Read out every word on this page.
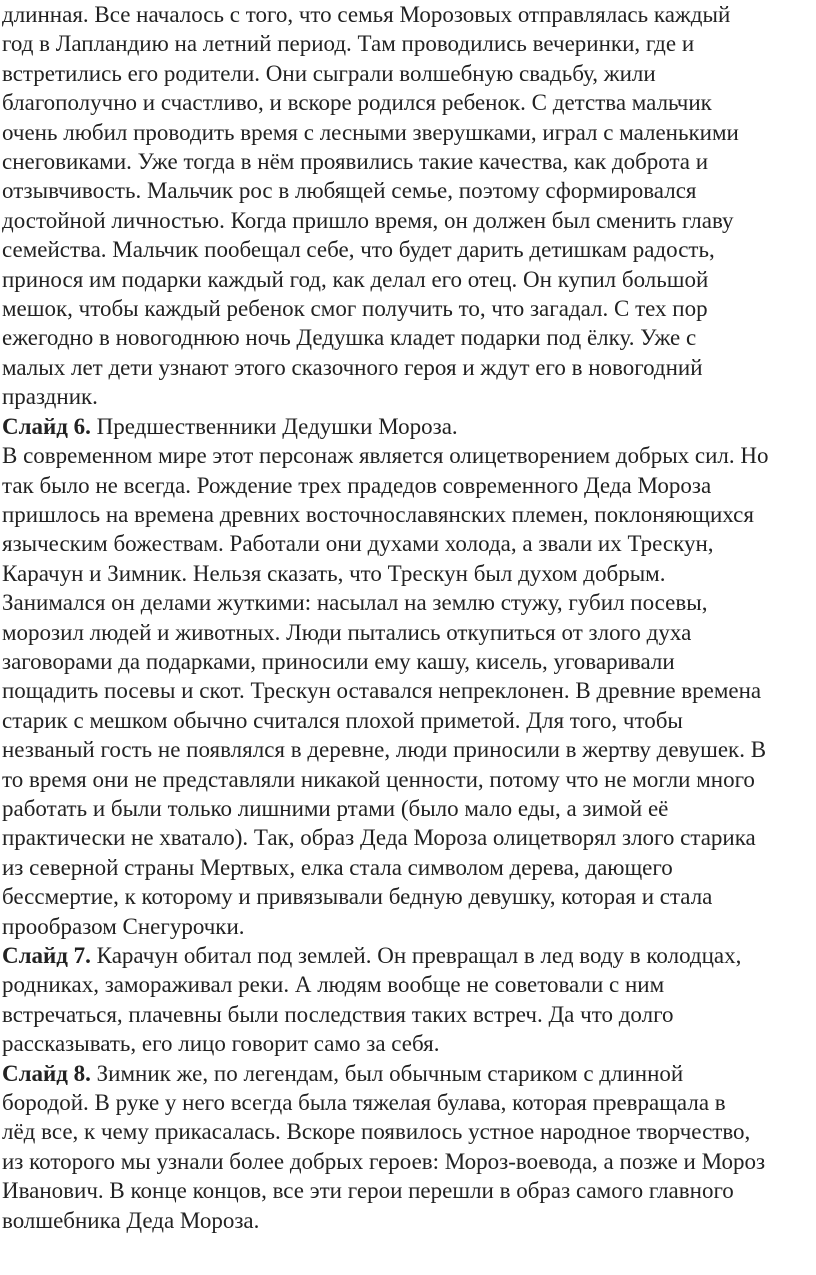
длинная. Все началось с того, что семья Морозовых отправлялась каждый
год в Лапландию на летний период. Там проводились вечеринки, где и
встретились его родители. Они сыграли волшебную свадьбу, жили
благополучно и счастливо, и вскоре родился ребенок. С детства мальчик
очень любил проводить время с лесными зверушками, играл с маленькими
снеговиками. Уже тогда в нём проявились такие качества, как доброта и
отзывчивость. Мальчик рос в любящей семье, поэтому сформировался
достойной личностью. Когда пришло время, он должен был сменить главу
семейства. Мальчик пообещал себе, что будет дарить детишкам радость,
принося им подарки каждый год, как делал его отец. Он купил большой
мешок, чтобы каждый ребенок смог получить то, что загадал. С тех пор
ежегодно в новогоднюю ночь Дедушка кладет подарки под ёлку. Уже с
малых лет дети узнают этого сказочного героя и ждут его в новогодний
праздник.
Слайд 6. Предшественники Дедушки Мороза.
В современном мире этот персонаж является олицетворением добрых сил. Но
так было не всегда. Рождение трех прадедов современного Деда Мороза
пришлось на времена древних восточнославянских племен, поклоняющихся
языческим божествам. Работали они духами холода, а звали их Трескун,
Карачун и Зимник. Нельзя сказать, что Трескун был духом добрым.
Занимался он делами жуткими: насылал на землю стужу, губил посевы,
морозил людей и животных. Люди пытались откупиться от злого духа
заговорами да подарками, приносили ему кашу, кисель, уговаривали
пощадить посевы и скот. Трескун оставался непреклонен. В древние времена
старик с мешком обычно считался плохой приметой. Для того, чтобы
незваный гость не появлялся в деревне, люди приносили в жертву девушек. В
то время они не представляли никакой ценности, потому что не могли много
работать и были только лишними ртами (было мало еды, а зимой её
практически не хватало). Так, образ Деда Мороза олицетворял злого старика
из северной страны Мертвых, елка стала символом дерева, дающего
бессмертие, к которому и привязывали бедную девушку, которая и стала
прообразом Снегурочки.
Слайд 7. Карачун обитал под землей. Он превращал в лед воду в колодцах,
родниках, замораживал реки. А людям вообще не советовали с ним
встречаться, плачевны были последствия таких встреч. Да что долго
рассказывать, его лицо говорит само за себя.
Слайд 8. Зимник же, по легендам, был обычным стариком с длинной
бородой. В руке у него всегда была тяжелая булава, которая превращала в
лёд все, к чему прикасалась. Вскоре появилось устное народное творчество,
из которого мы узнали более добрых героев: Мороз-воевода, а позже и Мороз
Иванович. В конце концов, все эти герои перешли в образ самого главного
волшебника Деда Мороза.
